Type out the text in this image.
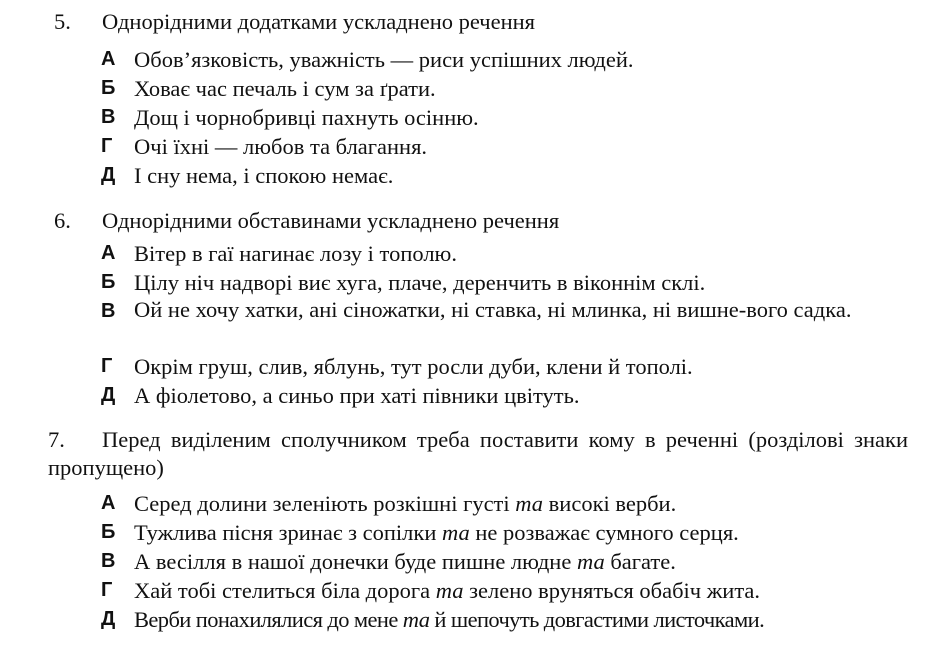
5. Однорідними додатками ускладнено речення
А Обов’язковість, уважність — риси успішних людей.
Б Ховає час печаль і сум за ґрати.
В Дощ і чорнобривці пахнуть осінню.
Г Очі їхні — любов та благання.
Д І сну нема, і спокою немає.
6. Однорідними обставинами ускладнено речення
А Вітер в гаї нагинає лозу і тополю.
Б Цілу ніч надворі виє хуга, плаче, деренчить в віконнім склі.
В Ой не хочу хатки, ані сіножатки, ні ставка, ні млинка, ні вишне-вого садка.
Г Окрім груш, слив, яблунь, тут росли дуби, клени й тополі.
Д А фіолетово, а синьо при хаті півники цвітуть.
7. Перед виділеним сполучником треба поставити кому в реченні (розділові знаки пропущено)
А Серед долини зеленіють розкішні густі та високі верби.
Б Тужлива пісня зринає з сопілки та не розважає сумного серця.
В А весілля в нашої донечки буде пишне людне та багате.
Г Хай тобі стелиться біла дорога та зелено вруняться обабіч жита.
Д Верби понахилялися до мене та й шепочуть довгастими листочками.
